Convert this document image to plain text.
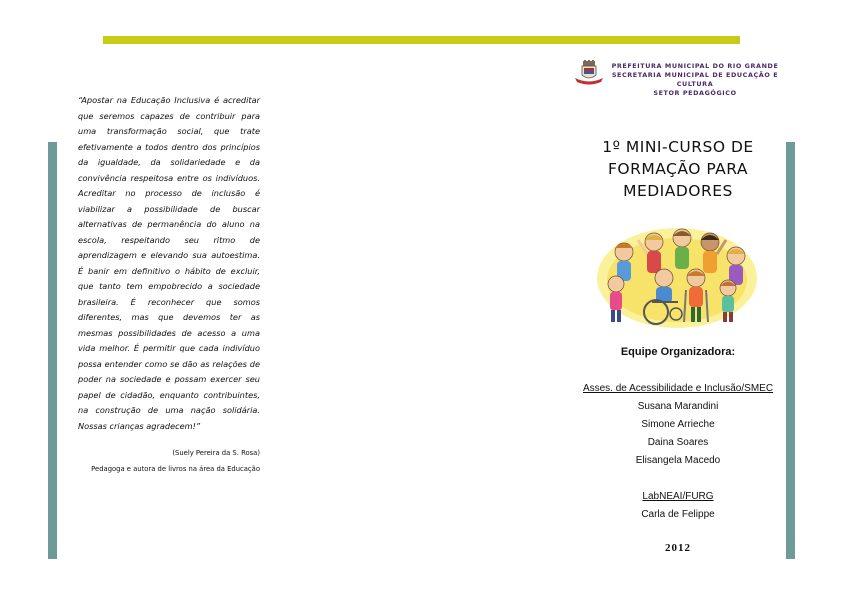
“Apostar na Educação Inclusiva é acreditar que seremos capazes de contribuir para uma transformação social, que trate efetivamente a todos dentro dos princípios da igualdade, da solidariedade e da convivência respeitosa entre os indivíduos. Acreditar no processo de inclusão é viabilizar a possibilidade de buscar alternativas de permanência do aluno na escola, respeitando seu ritmo de aprendizagem e elevando sua autoestima. É banir em definitivo o hábito de excluir, que tanto tem empobrecido a sociedade brasileira. É reconhecer que somos diferentes, mas que devemos ter as mesmas possibilidades de acesso a uma vida melhor. É permitir que cada indivíduo possa entender como se dão as relações de poder na sociedade e possam exercer seu papel de cidadão, enquanto contribuintes, na construção de uma nação solidária. Nossas crianças agradecem!”
(Suely Pereira da S. Rosa)
Pedagoga e autora de livros na área da Educação
PREFEITURA MUNICIPAL DO RIO GRANDE
SECRETARIA MUNICIPAL DE EDUCAÇÃO E CULTURA
SETOR PEDAGÓGICO
1º MINI-CURSO DE
FORMAÇÃO PARA
MEDIADORES
Equipe Organizadora:
Asses. de Acessibilidade e Inclusão/SMEC
Susana Marandini
Simone Arrieche
Daina Soares
Elisangela Macedo
LabNEAI/FURG
Carla de Felippe
2012
